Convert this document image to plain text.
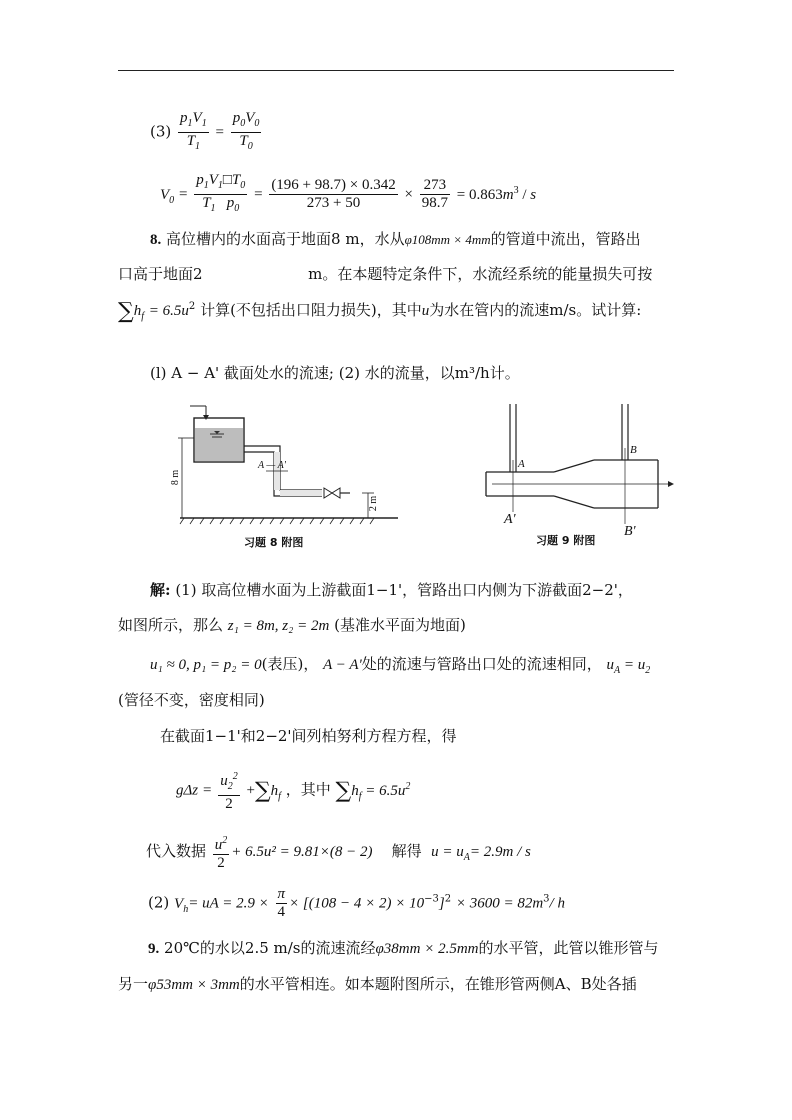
$(3) \frac{p_1V_1}{T_1} = \frac{p_0V_0}{T_0}$
$V_0 = \frac{p_1V_1□T_0}{T_1 p_0} = \frac{(196 + 98.7) \times 0.342}{273 + 50} \times \frac{273}{98.7} = 0.863m^3 / s$
8. 高位槽内的水面高于地面8 m，水从φ108mm × 4mm的管道中流出，管路出
口高于地面2	m。在本题特定条件下，水流经系统的能量损失可按
$\sum h_f = 6.5u^2$ 计算(不包括出口阻力损失)，其中u为水在管内的流速m/s。试计算:
(l) A − A' 截面处水的流速; (2) 水的流量，以m³/h计。
A — A'
8 m
2 m
习题 8 附图
A
B
A'
B'
习题 9 附图
解: (1) 取高位槽水面为上游截面1−1'，管路出口内侧为下游截面2−2'，
如图所示，那么 z₁ = 8m, z₂ = 2m (基准水平面为地面)
u₁ ≈ 0, p₁ = p₂ = 0(表压)， A − A'处的流速与管路出口处的流速相同， $u_A = u_2$
(管径不变，密度相同)
在截面1−1'和2−2'间列柏努利方程方程，得
$g\Delta z = \frac{u_2^2}{2} +\sum h_f$ ，其中 $\sum h_f = 6.5u^2$
代入数据 $\frac{u^2}{2} + 6.5u^2 = 9.81\times(8 - 2)$ 解得 $u = u_A= 2.9m / s$
(2) $V_h=$ uA = $2.9 \times \frac{\pi}{4} \times [(108 - 4 \times 2) \times 10^{-3}]^2 \times 3600 = 82m^3/$ h
9. 20℃的水以2.5 m/s的流速流经φ38mm × 2.5mm的水平管，此管以锥形管与
另一φ53mm × 3mm的水平管相连。如本题附图所示，在锥形管两侧A、B处各插
